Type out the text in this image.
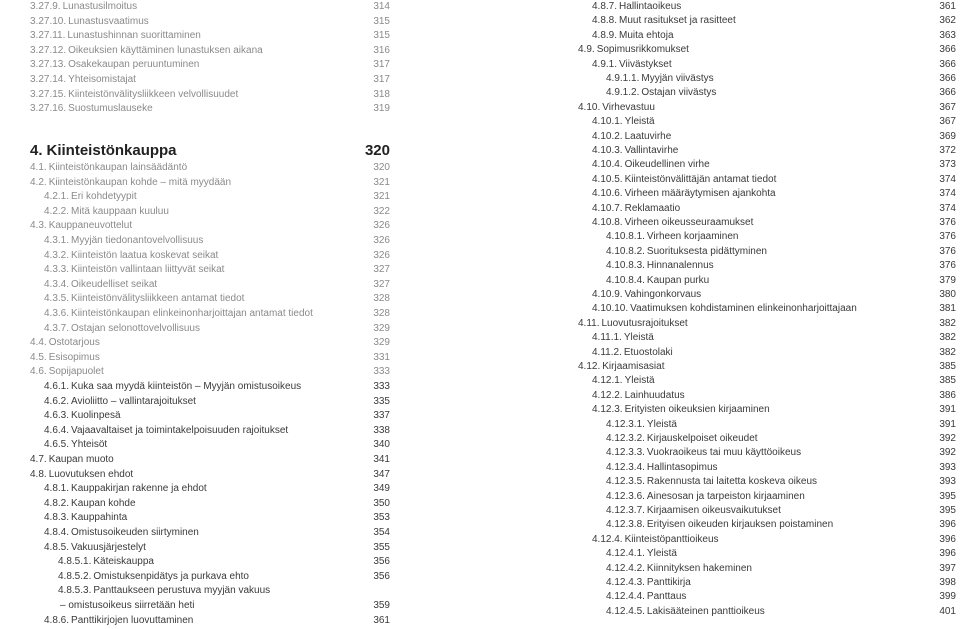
3.27.9. Lunastusilmoitus	314
3.27.10. Lunastusvaatimus	315
3.27.11. Lunastushinnan suorittaminen	315
3.27.12. Oikeuksien käyttäminen lunastuksen aikana	316
3.27.13. Osakekaupan peruuntuminen	317
3.27.14. Yhteisomistajat	317
3.27.15. Kiinteistönvälitysliikkeen velvollisuudet	318
3.27.16. Suostumuslauseke	319
4. Kiinteistönkauppa	320
4.1. Kiinteistönkaupan lainsäädäntö	320
4.2. Kiinteistönkaupan kohde – mitä myydään	321
4.2.1. Eri kohdetyypit	321
4.2.2. Mitä kauppaan kuuluu	322
4.3. Kauppaneuvottelut	326
4.3.1. Myyjän tiedonantovelvollisuus	326
4.3.2. Kiinteistön laatua koskevat seikat	326
4.3.3. Kiinteistön vallintaan liittyvät seikat	327
4.3.4. Oikeudelliset seikat	327
4.3.5. Kiinteistönvälitysliikkeen antamat tiedot	328
4.3.6. Kiinteistönkaupan elinkeinonharjoittajan antamat tiedot	328
4.3.7. Ostajan selonottovelvollisuus	329
4.4. Ostotarjous	329
4.5. Esisopimus	331
4.6. Sopijapuolet	333
4.6.1. Kuka saa myydä kiinteistön – Myyjän omistusoikeus	333
4.6.2. Avioliitto – vallintarajoitukset	335
4.6.3. Kuolinpesä	337
4.6.4. Vajaavaltaiset ja toimintakelpoisuuden rajoitukset	338
4.6.5. Yhteisöt	340
4.7. Kaupan muoto	341
4.8. Luovutuksen ehdot	347
4.8.1. Kauppakirjan rakenne ja ehdot	349
4.8.2. Kaupan kohde	350
4.8.3. Kauppahinta	353
4.8.4. Omistusoikeuden siirtyminen	354
4.8.5. Vakuusjärjestelyt	355
4.8.5.1. Käteiskauppa	356
4.8.5.2. Omistuksenpidätys ja purkava ehto	356
4.8.5.3. Panttaukseen perustuva myyjän vakuus
– omistusoikeus siirretään heti	359
4.8.6. Panttikirjojen luovuttaminen	361
4.8.7. Hallintaoikeus	361
4.8.8. Muut rasitukset ja rasitteet	362
4.8.9. Muita ehtoja	363
4.9. Sopimusrikkomukset	366
4.9.1. Viivästykset	366
4.9.1.1. Myyjän viivästys	366
4.9.1.2. Ostajan viivästys	366
4.10. Virhevastuu	367
4.10.1. Yleistä	367
4.10.2. Laatuvirhe	369
4.10.3. Vallintavirhe	372
4.10.4. Oikeudellinen virhe	373
4.10.5. Kiinteistönvälittäjän antamat tiedot	374
4.10.6. Virheen määräytymisen ajankohta	374
4.10.7. Reklamaatio	374
4.10.8. Virheen oikeusseuraamukset	376
4.10.8.1. Virheen korjaaminen	376
4.10.8.2. Suorituksesta pidättyminen	376
4.10.8.3. Hinnanalennus	376
4.10.8.4. Kaupan purku	379
4.10.9. Vahingonkorvaus	380
4.10.10. Vaatimuksen kohdistaminen elinkeinonharjoittajaan	381
4.11. Luovutusrajoitukset	382
4.11.1. Yleistä	382
4.11.2. Etuostolaki	382
4.12. Kirjaamisasiat	385
4.12.1. Yleistä	385
4.12.2. Lainhuudatus	386
4.12.3. Erityisten oikeuksien kirjaaminen	391
4.12.3.1. Yleistä	391
4.12.3.2. Kirjauskelpoiset oikeudet	392
4.12.3.3. Vuokraoikeus tai muu käyttöoikeus	392
4.12.3.4. Hallintasopimus	393
4.12.3.5. Rakennusta tai laitetta koskeva oikeus	393
4.12.3.6. Ainesosan ja tarpeiston kirjaaminen	395
4.12.3.7. Kirjaamisen oikeusvaikutukset	395
4.12.3.8. Erityisen oikeuden kirjauksen poistaminen	396
4.12.4. Kiinteistöpanttioikeus	396
4.12.4.1. Yleistä	396
4.12.4.2. Kiinnityksen hakeminen	397
4.12.4.3. Panttikirja	398
4.12.4.4. Panttaus	399
4.12.4.5. Lakisääteinen panttioikeus	401
